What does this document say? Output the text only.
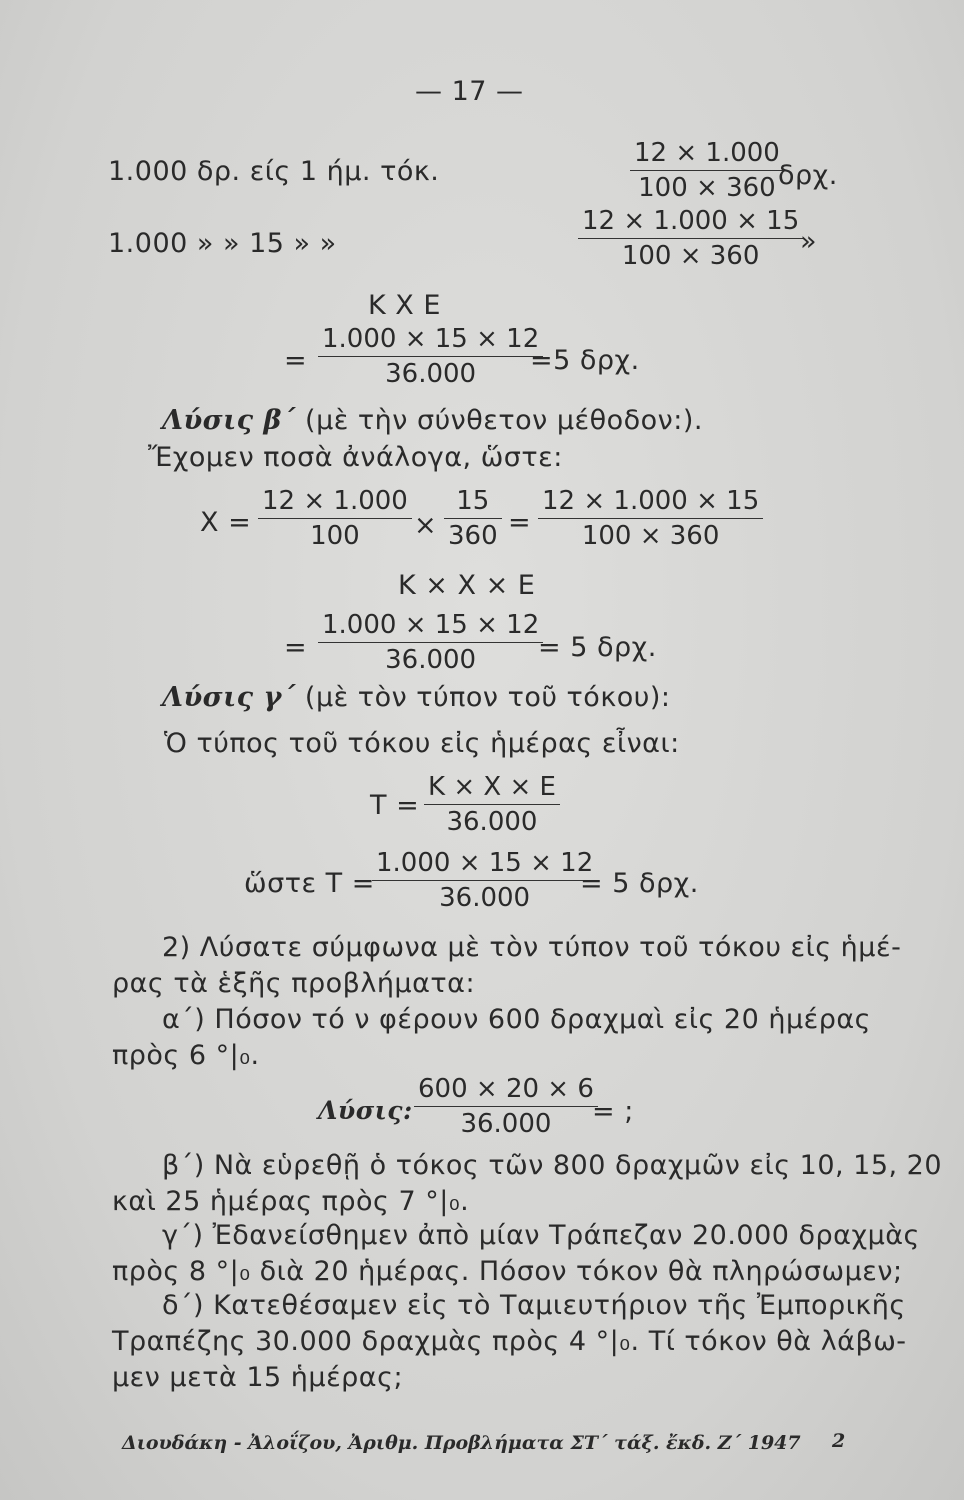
— 17 —
1.000 δρ. είς 1 ήμ. τόκ.
12 ⨯ 1.000
100 ⨯ 360 δρχ.
1.000 » » 15 » »
12 ⨯ 1.000 ⨯ 15
100 ⨯ 360 »
Κ Χ Ε
=
1.000 ⨯ 15 ⨯ 12
36.000 =5 δρχ.
Λύσις β΄ (μὲ τὴν σύνθετον μέθοδον:).
Ἔχομεν ποσὰ ἀνάλογα, ὥστε:
Χ =
12 ⨯ 1.000
100 ⨯
15
360 =
12 ⨯ 1.000 ⨯ 15
100 ⨯ 360
Κ ⨯ Χ ⨯ Ε
=
1.000 ⨯ 15 ⨯ 12
36.000 = 5 δρχ.
Λύσις γ΄ (μὲ τὸν τύπον τοῦ τόκου):
Ὁ τύπος τοῦ τόκου εἰς ἡμέρας εἶναι:
Τ =
Κ ⨯ Χ ⨯ Ε
36.000
ὥστε Τ =
1.000 ⨯ 15 ⨯ 12
36.000 = 5 δρχ.
2) Λύσατε σύμφωνα μὲ τὸν τύπον τοῦ τόκου εἰς ἡμέ-
ρας τὰ ἑξῆς προβλήματα:
α΄) Πόσον τό ν φέρουν 600 δραχμαὶ εἰς 20 ἡμέρας
πρὸς 6 °|₀.
Λύσις:
600 ⨯ 20 ⨯ 6
36.000 = ;
β΄) Νὰ εὑρεθῇ ὁ τόκος τῶν 800 δραχμῶν εἰς 10, 15, 20
καὶ 25 ἡμέρας πρὸς 7 °|₀.
γ΄) Ἐδανείσθημεν ἀπὸ μίαν Τράπεζαν 20.000 δραχμὰς
πρὸς 8 °|₀ διὰ 20 ἡμέρας. Πόσον τόκον θὰ πληρώσωμεν;
δ΄) Κατεθέσαμεν εἰς τὸ Ταμιευτήριον τῆς Ἐμπορικῆς
Τραπέζης 30.000 δραχμὰς πρὸς 4 °|₀. Τί τόκον θὰ λάβω-
μεν μετὰ 15 ἡμέρας;
Διουδάκη - Ἀλοΐζου, Ἀριθμ. Προβλήματα ΣΤ΄ τάξ. ἔκδ. Ζ΄ 1947 2
